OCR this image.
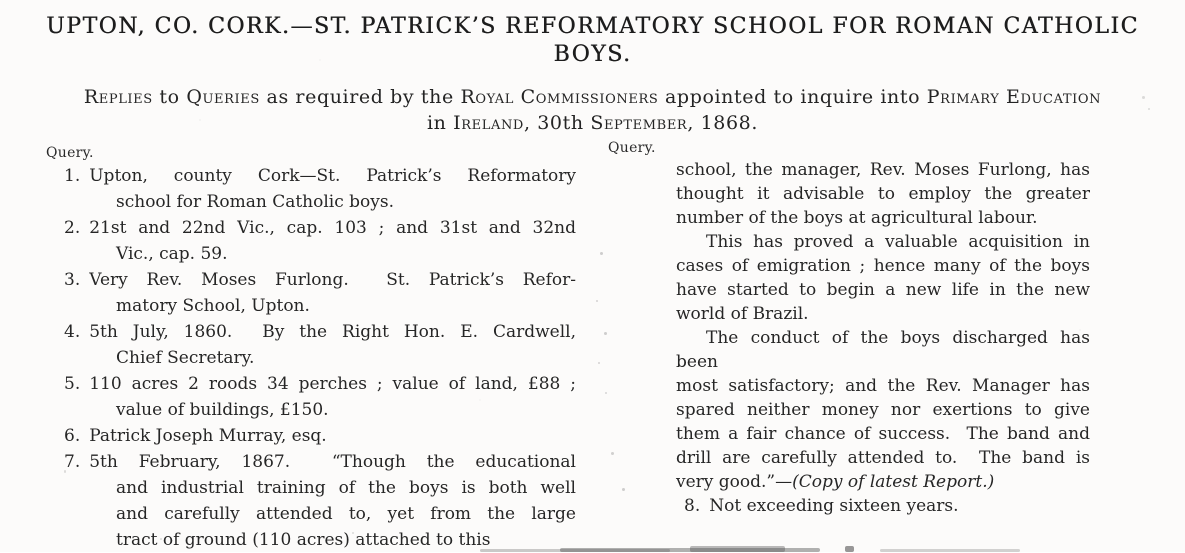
UPTON, CO. CORK.—ST. PATRICK’S REFORMATORY SCHOOL FOR ROMAN CATHOLIC
BOYS.
Replies to Queries as required by the Royal Commissioners appointed to inquire into Primary Education
in Ireland, 30th September, 1868.
Query.	Query.
1. Upton, county Cork—St. Patrick’s Reformatory
school for Roman Catholic boys.
2. 21st and 22nd Vic., cap. 103 ; and 31st and 32nd
Vic., cap. 59.
3. Very Rev. Moses Furlong.  St. Patrick’s Refor-
matory School, Upton.
4. 5th July, 1860.  By the Right Hon. E. Cardwell,
Chief Secretary.
5. 110 acres 2 roods 34 perches ; value of land, £88 ;
value of buildings, £150.
6. Patrick Joseph Murray, esq.
7. 5th February, 1867.  “Though the educational
and industrial training of the boys is both well
and carefully attended to, yet from the large
tract of ground (110 acres) attached to this
school, the manager, Rev. Moses Furlong, has
thought it advisable to employ the greater
number of the boys at agricultural labour.
This has proved a valuable acquisition in
cases of emigration ; hence many of the boys
have started to begin a new life in the new
world of Brazil.
The conduct of the boys discharged has been
most satisfactory; and the Rev. Manager has
spared neither money nor exertions to give
them a fair chance of success.  The band and
drill are carefully attended to.  The band is
very good.”—(Copy of latest Report.)
8. Not exceeding sixteen years.
